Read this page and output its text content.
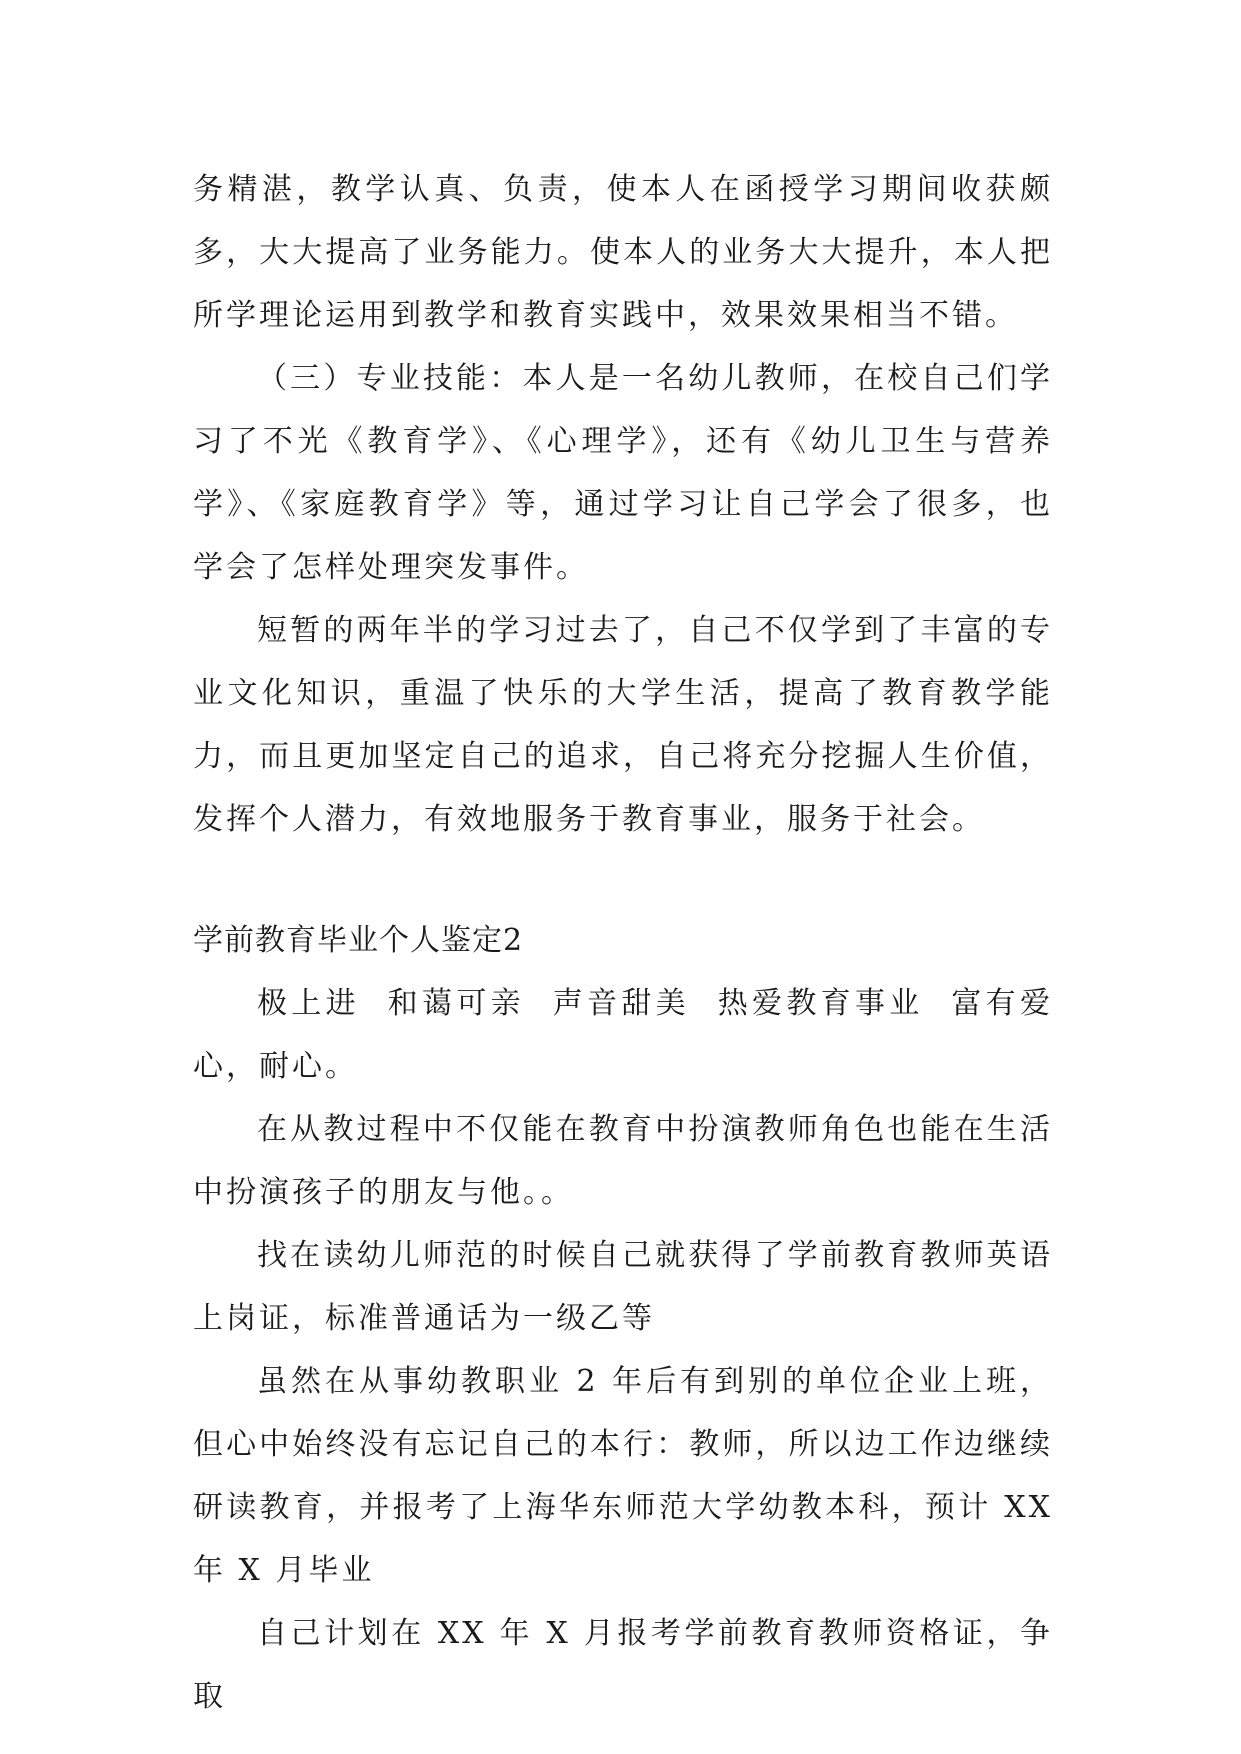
务精湛，教学认真、负责，使本人在函授学习期间收获颇多，大大提高了业务能力。使本人的业务大大提升，本人把所学理论运用到教学和教育实践中，效果效果相当不错。

（三）专业技能：本人是一名幼儿教师，在校自己们学习了不光《教育学》、《心理学》，还有《幼儿卫生与营养学》、《家庭教育学》等，通过学习让自己学会了很多，也学会了怎样处理突发事件。

短暂的两年半的学习过去了，自己不仅学到了丰富的专业文化知识，重温了快乐的大学生活，提高了教育教学能力，而且更加坚定自己的追求，自己将充分挖掘人生价值，发挥个人潜力，有效地服务于教育事业，服务于社会。

学前教育毕业个人鉴定2

极上进  和蔼可亲  声音甜美  热爱教育事业  富有爱心，耐心。

在从教过程中不仅能在教育中扮演教师角色也能在生活中扮演孩子的朋友与他。。

找在读幼儿师范的时候自己就获得了学前教育教师英语上岗证，标准普通话为一级乙等

虽然在从事幼教职业 2 年后有到别的单位企业上班，但心中始终没有忘记自己的本行：教师，所以边工作边继续研读教育，并报考了上海华东师范大学幼教本科，预计 XX 年 X 月毕业

自己计划在 XX 年 X 月报考学前教育教师资格证，争取
